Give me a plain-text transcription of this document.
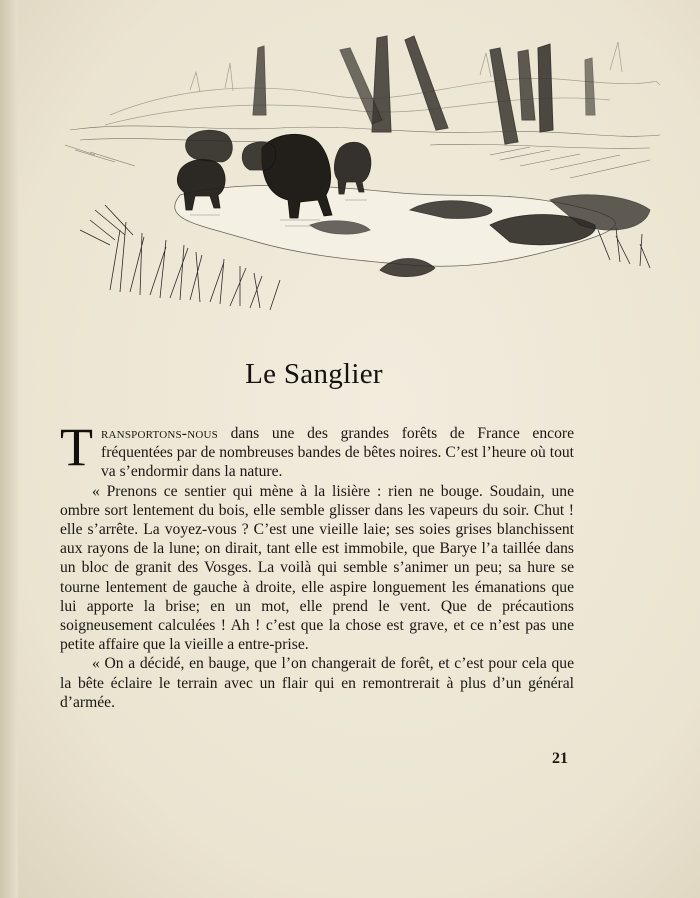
Le Sanglier

Transportons-nous dans une des grandes forêts de France encore fréquentées par de nombreuses bandes de bêtes noires. C’est l’heure où tout va s’endormir dans la nature.

« Prenons ce sentier qui mène à la lisière : rien ne bouge. Soudain, une ombre sort lentement du bois, elle semble glisser dans les vapeurs du soir. Chut ! elle s’arrête. La voyez-vous ? C’est une vieille laie; ses soies grises blanchissent aux rayons de la lune; on dirait, tant elle est immobile, que Barye l’a taillée dans un bloc de granit des Vosges. La voilà qui semble s’animer un peu; sa hure se tourne lentement de gauche à droite, elle aspire longuement les émanations que lui apporte la brise; en un mot, elle prend le vent. Que de précautions soigneusement calculées ! Ah ! c’est que la chose est grave, et ce n’est pas une petite affaire que la vieille a entre-prise.

« On a décidé, en bauge, que l’on changerait de forêt, et c’est pour cela que la bête éclaire le terrain avec un flair qui en remontrerait à plus d’un général d’armée.

21
